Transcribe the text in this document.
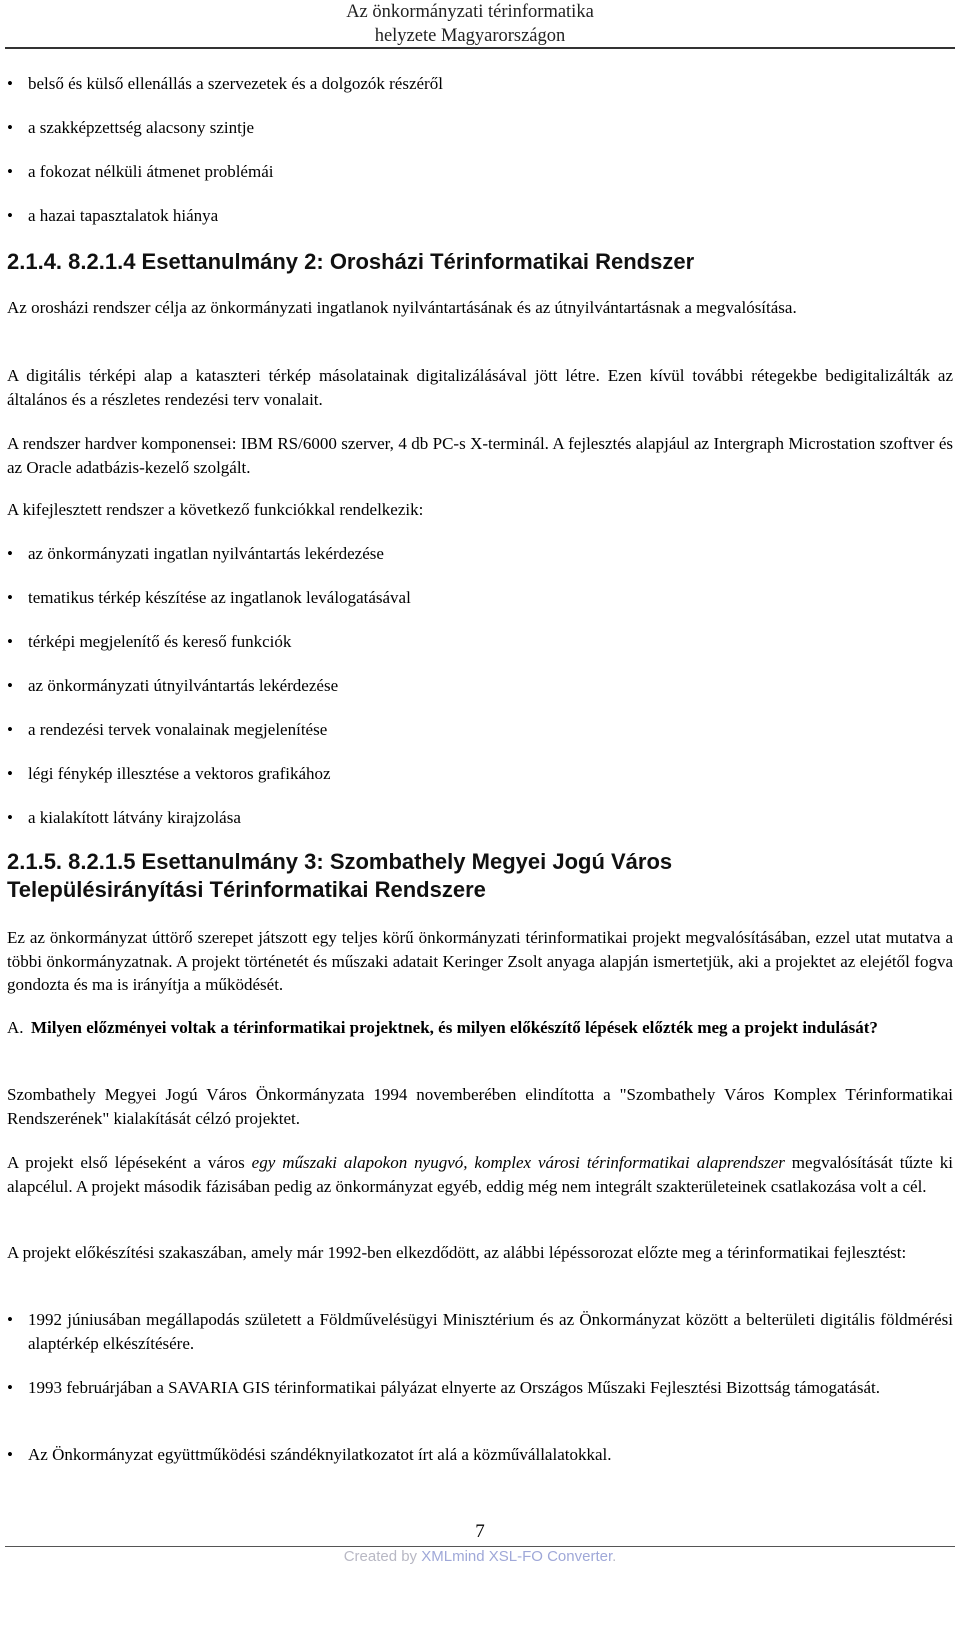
Az önkormányzati térinformatika
helyzete Magyarországon
• belső és külső ellenállás a szervezetek és a dolgozók részéről
• a szakképzettség alacsony szintje
• a fokozat nélküli átmenet problémái
• a hazai tapasztalatok hiánya
2.1.4. 8.2.1.4 Esettanulmány 2: Orosházi Térinformatikai Rendszer
Az orosházi rendszer célja az önkormányzati ingatlanok nyilvántartásának és az útnyilvántartásnak a megvalósítása.
A digitális térképi alap a kataszteri térkép másolatainak digitalizálásával jött létre. Ezen kívül további rétegekbe bedigitalizálták az általános és a részletes rendezési terv vonalait.
A rendszer hardver komponensei: IBM RS/6000 szerver, 4 db PC-s X-terminál. A fejlesztés alapjául az Intergraph Microstation szoftver és az Oracle adatbázis-kezelő szolgált.
A kifejlesztett rendszer a következő funkciókkal rendelkezik:
• az önkormányzati ingatlan nyilvántartás lekérdezése
• tematikus térkép készítése az ingatlanok leválogatásával
• térképi megjelenítő és kereső funkciók
• az önkormányzati útnyilvántartás lekérdezése
• a rendezési tervek vonalainak megjelenítése
• légi fénykép illesztése a vektoros grafikához
• a kialakított látvány kirajzolása
2.1.5. 8.2.1.5 Esettanulmány 3: Szombathely Megyei Jogú Város Településirányítási Térinformatikai Rendszere
Ez az önkormányzat úttörő szerepet játszott egy teljes körű önkormányzati térinformatikai projekt megvalósításában, ezzel utat mutatva a többi önkormányzatnak. A projekt történetét és műszaki adatait Keringer Zsolt anyaga alapján ismertetjük, aki a projektet az elejétől fogva gondozta és ma is irányítja a működését.
A. Milyen előzményei voltak a térinformatikai projektnek, és milyen előkészítő lépések előzték meg a projekt indulását?
Szombathely Megyei Jogú Város Önkormányzata 1994 novemberében elindította a "Szombathely Város Komplex Térinformatikai Rendszerének" kialakítását célzó projektet.
A projekt első lépéseként a város egy műszaki alapokon nyugvó, komplex városi térinformatikai alaprendszer megvalósítását tűzte ki alapcélul. A projekt második fázisában pedig az önkormányzat egyéb, eddig még nem integrált szakterületeinek csatlakozása volt a cél.
A projekt előkészítési szakaszában, amely már 1992-ben elkezdődött, az alábbi lépéssorozat előzte meg a térinformatikai fejlesztést:
• 1992 júniusában megállapodás született a Földművelésügyi Minisztérium és az Önkormányzat között a belterületi digitális földmérési alaptérkép elkészítésére.
• 1993 februárjában a SAVARIA GIS térinformatikai pályázat elnyerte az Országos Műszaki Fejlesztési Bizottság támogatását.
• Az Önkormányzat együttműködési szándéknyilatkozatot írt alá a közművállalatokkal.
7
Created by XMLmind XSL-FO Converter.
